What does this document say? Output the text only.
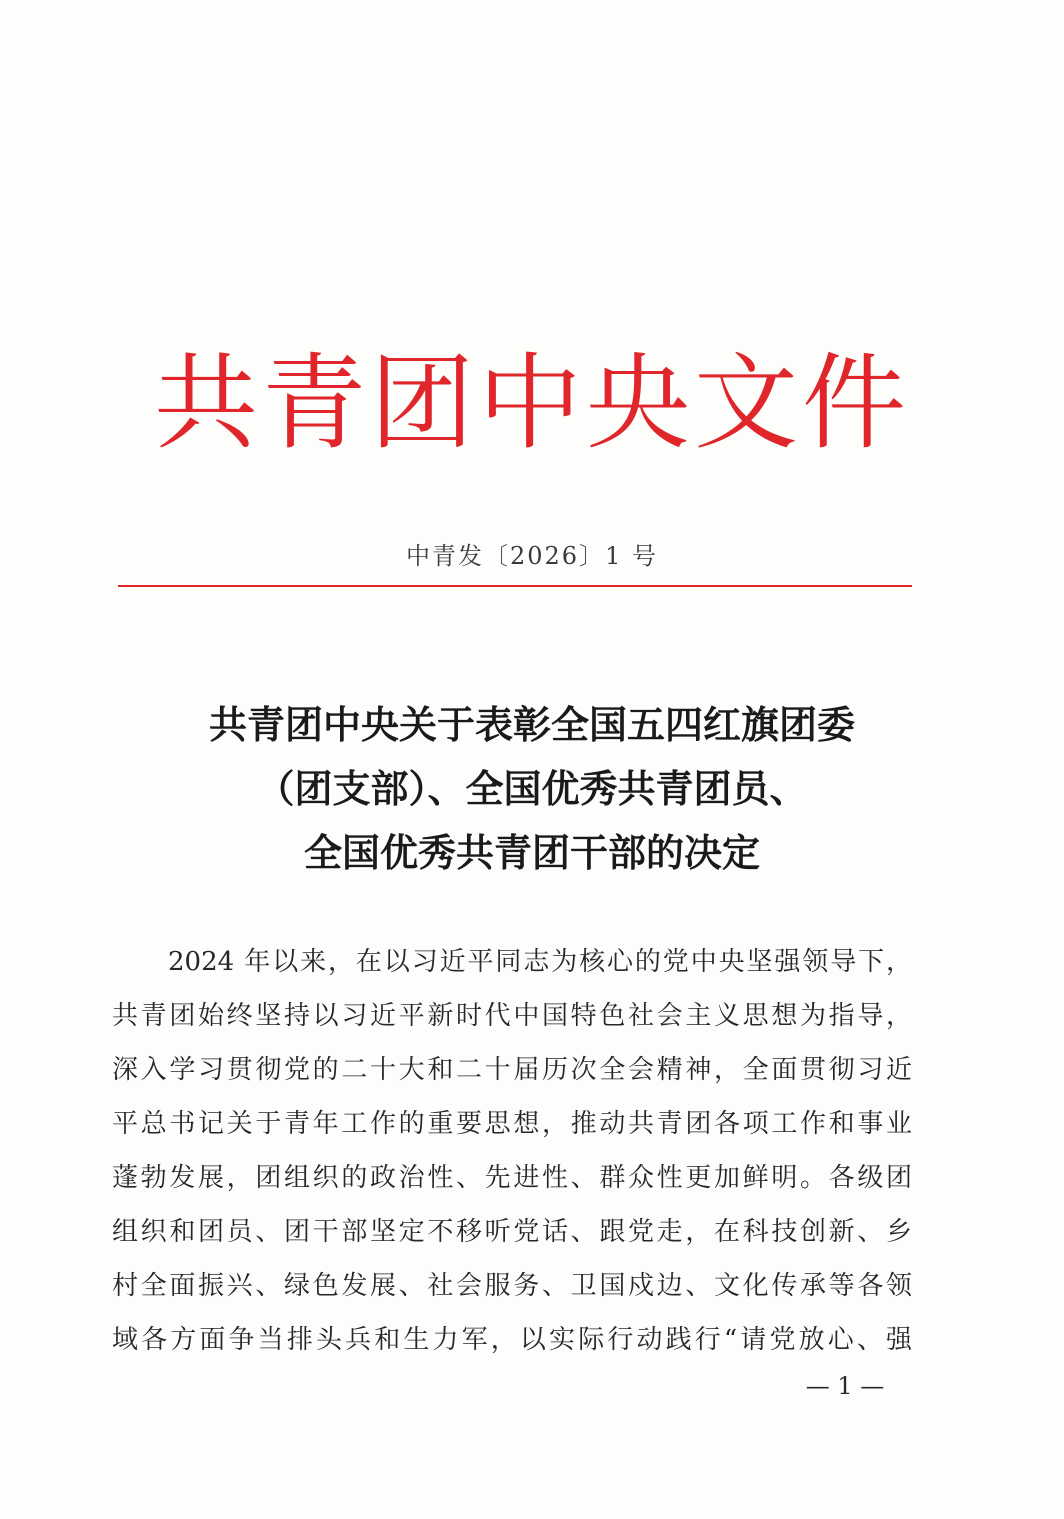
共青团中央文件
中青发〔2026〕1 号
共青团中央关于表彰全国五四红旗团委
（团支部）、全国优秀共青团员、
全国优秀共青团干部的决定
2024 年以来，在以习近平同志为核心的党中央坚强领导下，
共青团始终坚持以习近平新时代中国特色社会主义思想为指导，
深入学习贯彻党的二十大和二十届历次全会精神，全面贯彻习近
平总书记关于青年工作的重要思想，推动共青团各项工作和事业
蓬勃发展，团组织的政治性、先进性、群众性更加鲜明。各级团
组织和团员、团干部坚定不移听党话、跟党走，在科技创新、乡
村全面振兴、绿色发展、社会服务、卫国戍边、文化传承等各领
域各方面争当排头兵和生力军，以实际行动践行“请党放心、强
— 1 —
